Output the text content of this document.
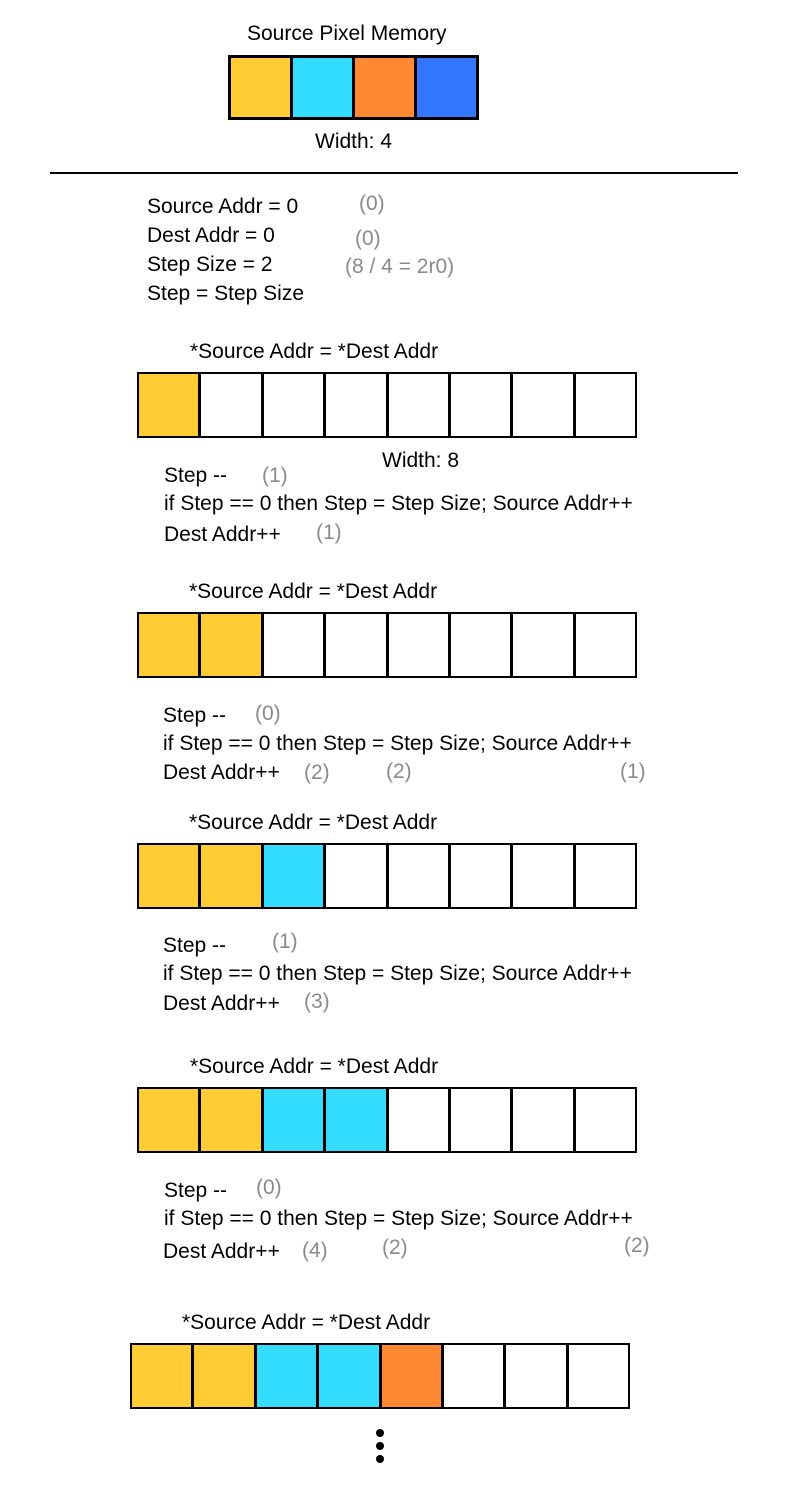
Source Pixel Memory
Width: 4
Source Addr = 0	(0)
Dest Addr = 0	(0)
Step Size = 2	(8 / 4 = 2r0)
Step = Step Size
*Source Addr = *Dest Addr
Width: 8
Step -- (1)
if Step == 0 then Step = Step Size; Source Addr++
Dest Addr++ (1)
*Source Addr = *Dest Addr
Step -- (0)
if Step == 0 then Step = Step Size; Source Addr++
Dest Addr++ (2)	(2)	(1)
*Source Addr = *Dest Addr
Step -- (1)
if Step == 0 then Step = Step Size; Source Addr++
Dest Addr++ (3)
*Source Addr = *Dest Addr
Step -- (0)
if Step == 0 then Step = Step Size; Source Addr++
Dest Addr++ (4)	(2)	(2)
*Source Addr = *Dest Addr
